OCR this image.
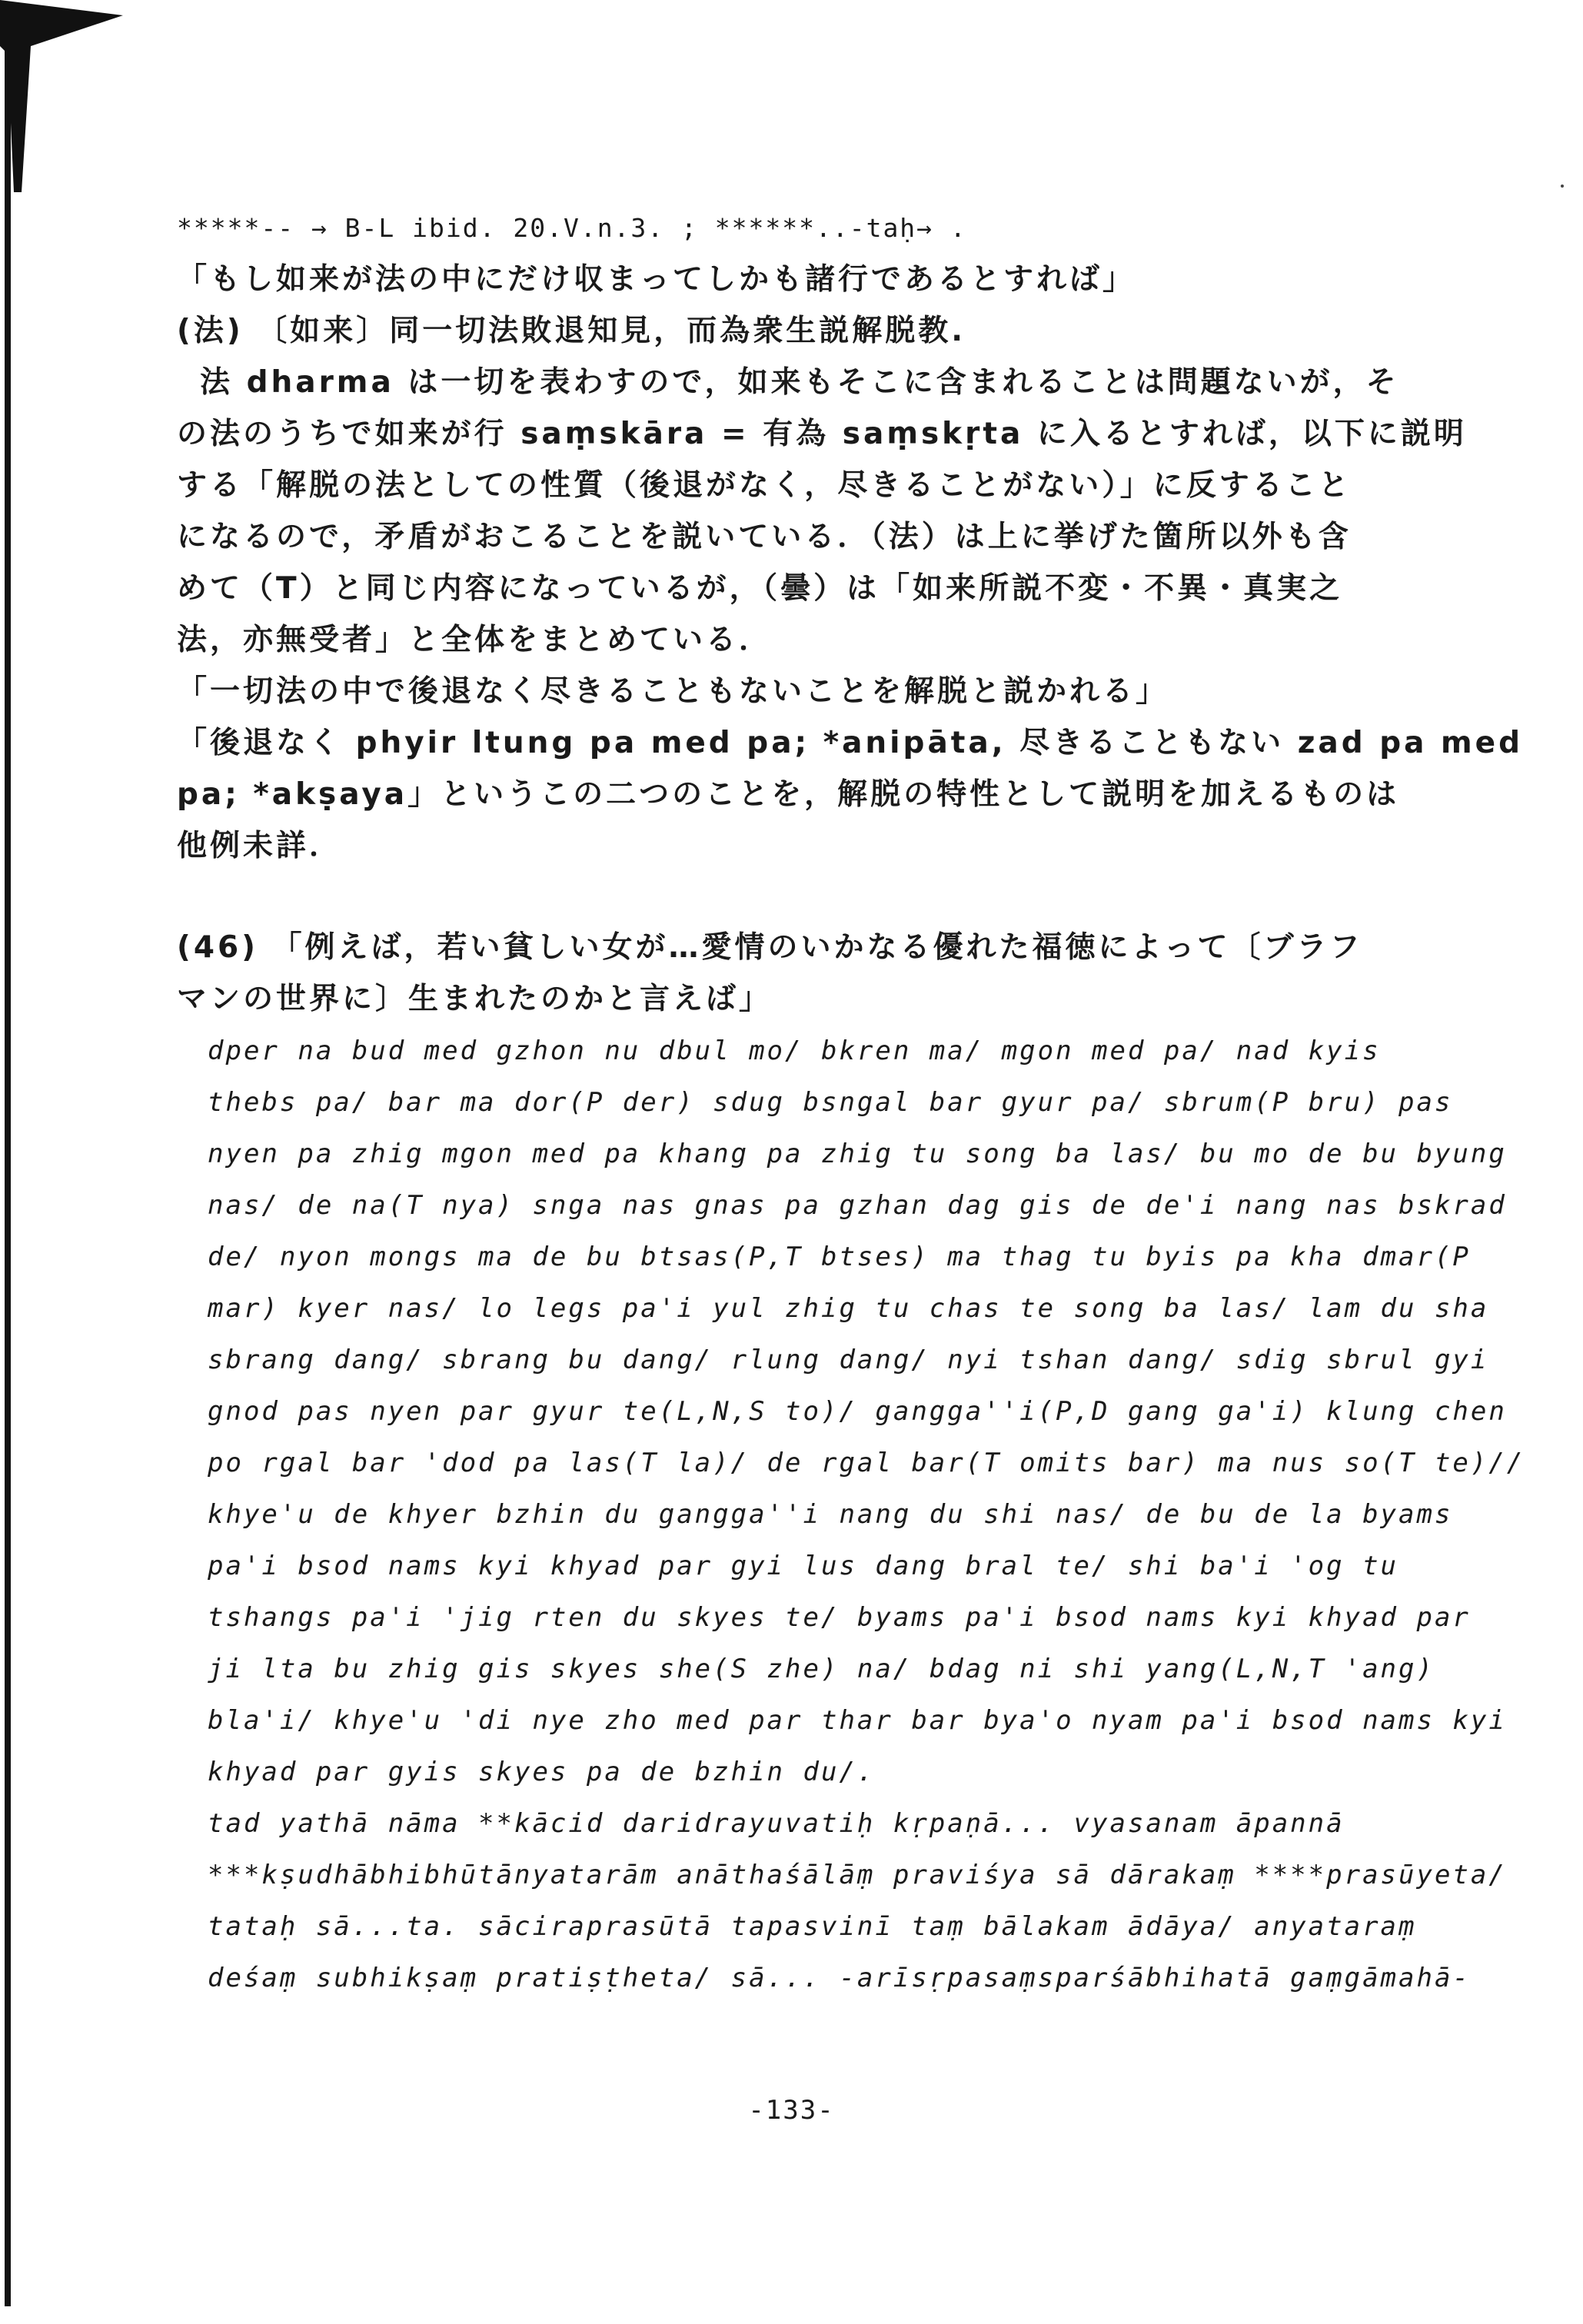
*****-- → B-L ibid. 20.V.n.3. ; ******..-taḥ→ .
「もし如来が法の中にだけ収まってしかも諸行であるとすれば」
(法) 〔如来〕同一切法敗退知見，而為衆生説解脱教.
法 dharma は一切を表わすので，如来もそこに含まれることは問題ないが，そ
の法のうちで如来が行 saṃskāra = 有為 saṃskṛta に入るとすれば，以下に説明
する「解脱の法としての性質（後退がなく，尽きることがない）」に反すること
になるので，矛盾がおこることを説いている．（法）は上に挙げた箇所以外も含
めて（T）と同じ内容になっているが，（曇）は「如来所説不変・不異・真実之
法，亦無受者」と全体をまとめている．
「一切法の中で後退なく尽きることもないことを解脱と説かれる」
「後退なく phyir ltung pa med pa; *anipāta, 尽きることもない zad pa med
pa; *akṣaya」というこの二つのことを，解脱の特性として説明を加えるものは
他例未詳．
(46) 「例えば，若い貧しい女が…愛情のいかなる優れた福徳によって〔ブラフ
マンの世界に〕生まれたのかと言えば」
dper na bud med gzhon nu dbul mo/ bkren ma/ mgon med pa/ nad kyis
thebs pa/ bar ma dor(P der) sdug bsngal bar gyur pa/ sbrum(P bru) pas
nyen pa zhig mgon med pa khang pa zhig tu song ba las/ bu mo de bu byung
nas/ de na(T nya) snga nas gnas pa gzhan dag gis de de'i nang nas bskrad
de/ nyon mongs ma de bu btsas(P,T btses) ma thag tu byis pa kha dmar(P
mar) kyer nas/ lo legs pa'i yul zhig tu chas te song ba las/ lam du sha
sbrang dang/ sbrang bu dang/ rlung dang/ nyi tshan dang/ sdig sbrul gyi
gnod pas nyen par gyur te(L,N,S to)/ gangga''i(P,D gang ga'i) klung chen
po rgal bar 'dod pa las(T la)/ de rgal bar(T omits bar) ma nus so(T te)//
khye'u de khyer bzhin du gangga''i nang du shi nas/ de bu de la byams
pa'i bsod nams kyi khyad par gyi lus dang bral te/ shi ba'i 'og tu
tshangs pa'i 'jig rten du skyes te/ byams pa'i bsod nams kyi khyad par
ji lta bu zhig gis skyes she(S zhe) na/ bdag ni shi yang(L,N,T 'ang)
bla'i/ khye'u 'di nye zho med par thar bar bya'o nyam pa'i bsod nams kyi
khyad par gyis skyes pa de bzhin du/.
tad yathā nāma **kācid daridrayuvatiḥ kṛpaṇā... vyasanam āpannā
***kṣudhābhibhūtānyatarām anāthaśālāṃ praviśya sā dārakaṃ ****prasūyeta/
tataḥ sā...ta. sāciraprasūtā tapasvinī taṃ bālakam ādāya/ anyataraṃ
deśaṃ subhikṣaṃ pratiṣṭheta/ sā... -arīsṛpasaṃsparśābhihatā gaṃgāmahā-
-133-
